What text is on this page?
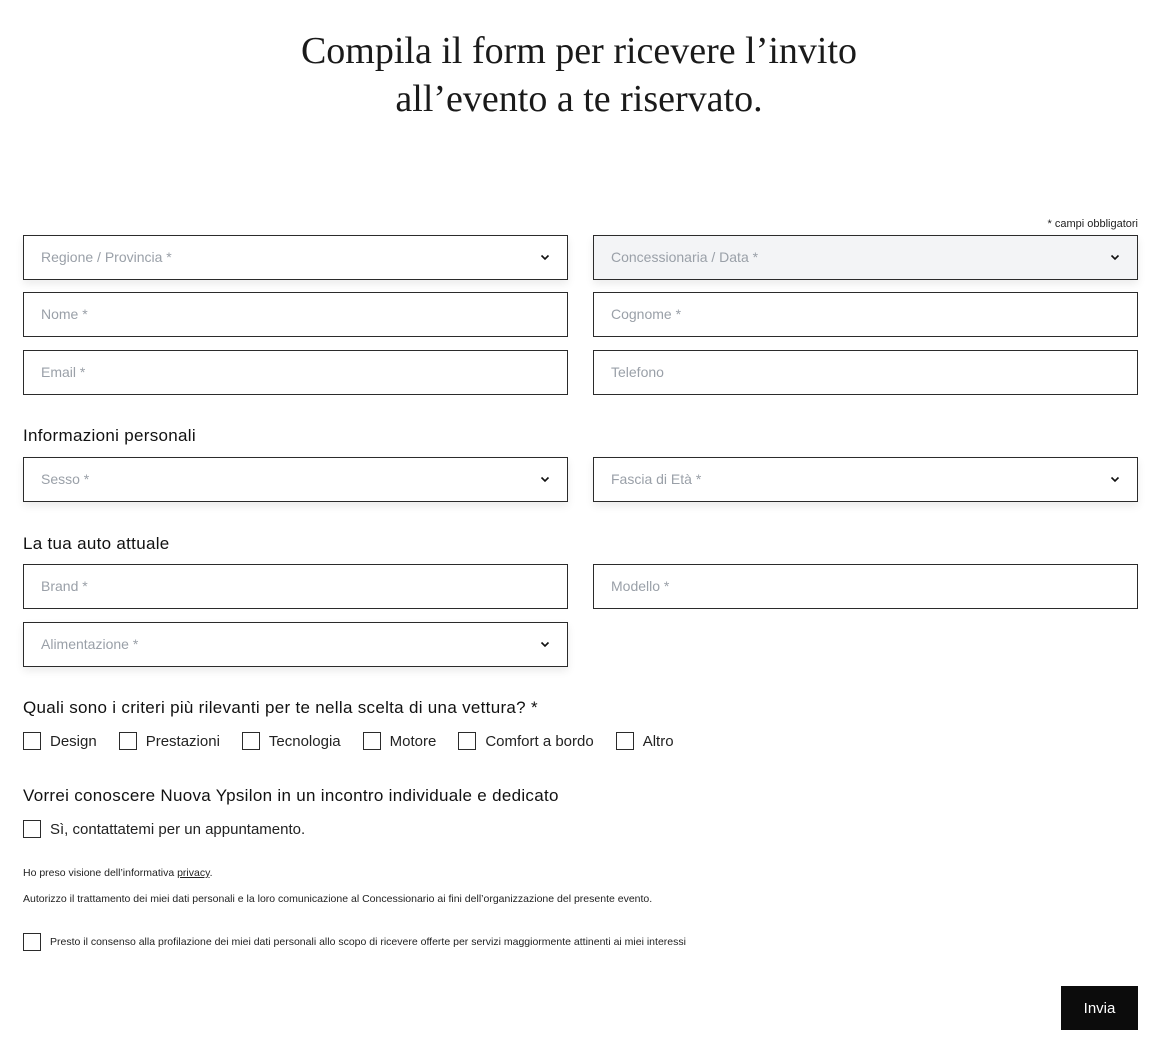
Compila il form per ricevere l’invito
all’evento a te riservato.
* campi obbligatori
Regione / Provincia *	Concessionaria / Data *
Nome *	Cognome *
Email *	Telefono
Informazioni personali
Sesso *	Fascia di Età *
La tua auto attuale
Brand *	Modello *
Alimentazione *
Quali sono i criteri più rilevanti per te nella scelta di una vettura? *
Design	Prestazioni	Tecnologia	Motore	Comfort a bordo	Altro
Vorrei conoscere Nuova Ypsilon in un incontro individuale e dedicato
Sì, contattatemi per un appuntamento.
Ho preso visione dell’informativa privacy.
Autorizzo il trattamento dei miei dati personali e la loro comunicazione al Concessionario ai fini dell’organizzazione del presente evento.
Presto il consenso alla profilazione dei miei dati personali allo scopo di ricevere offerte per servizi maggiormente attinenti ai miei interessi
Invia
